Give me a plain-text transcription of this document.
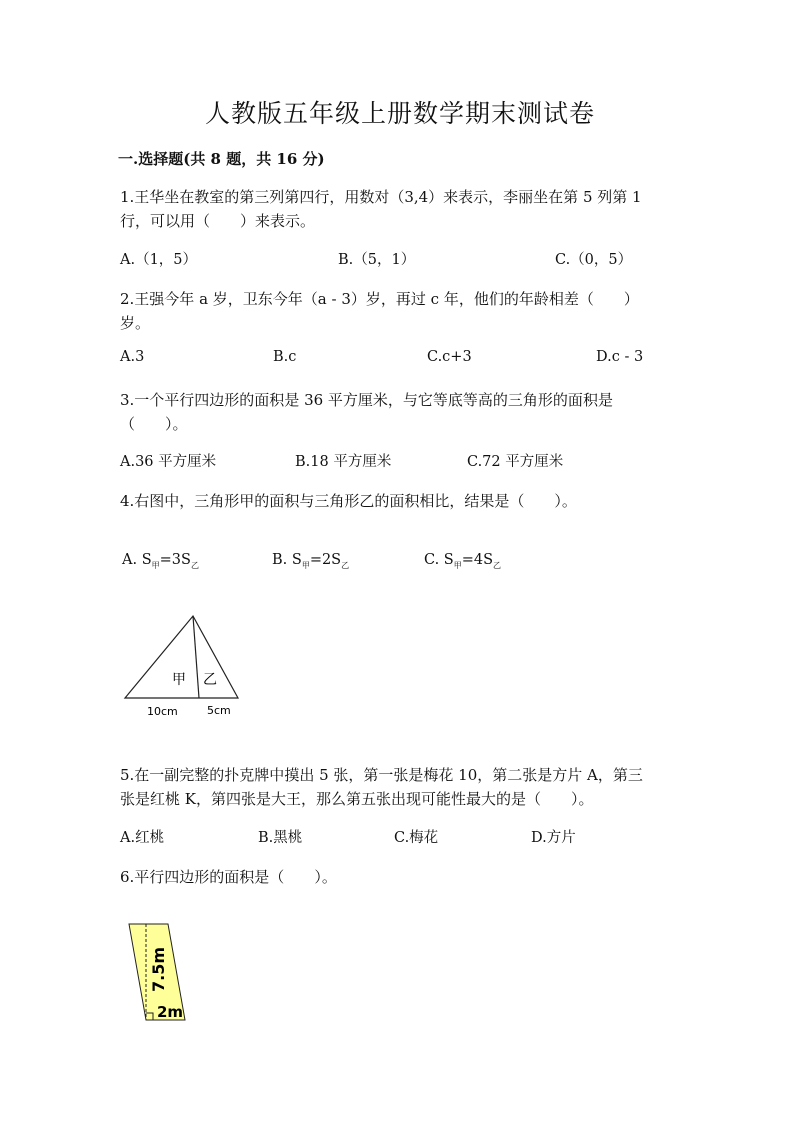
人教版五年级上册数学期末测试卷
一.选择题(共 8 题，共 16 分)
1.王华坐在教室的第三列第四行，用数对（3,4）来表示，李丽坐在第 5 列第 1
行，可以用（　　）来表示。
A.（1，5）	B.（5，1）	C.（0，5）
2.王强今年 a 岁，卫东今年（a - 3）岁，再过 c 年，他们的年龄相差（　　）
岁。
A.3	B.c	C.c+3	D.c - 3
3.一个平行四边形的面积是 36 平方厘米，与它等底等高的三角形的面积是
（　　）。
A.36 平方厘米	B.18 平方厘米	C.72 平方厘米
4.右图中，三角形甲的面积与三角形乙的面积相比，结果是（　　）。
A. $S_甲=3S_乙$	B. $S_甲=2S_乙$	C. $S_甲=4S_乙$
甲 乙
10cm	5cm
5.在一副完整的扑克牌中摸出 5 张，第一张是梅花 10，第二张是方片 A，第三
张是红桃 K，第四张是大王，那么第五张出现可能性最大的是（　　）。
A.红桃	B.黑桃	C.梅花	D.方片
6.平行四边形的面积是（　　）。
7.5m
2m
